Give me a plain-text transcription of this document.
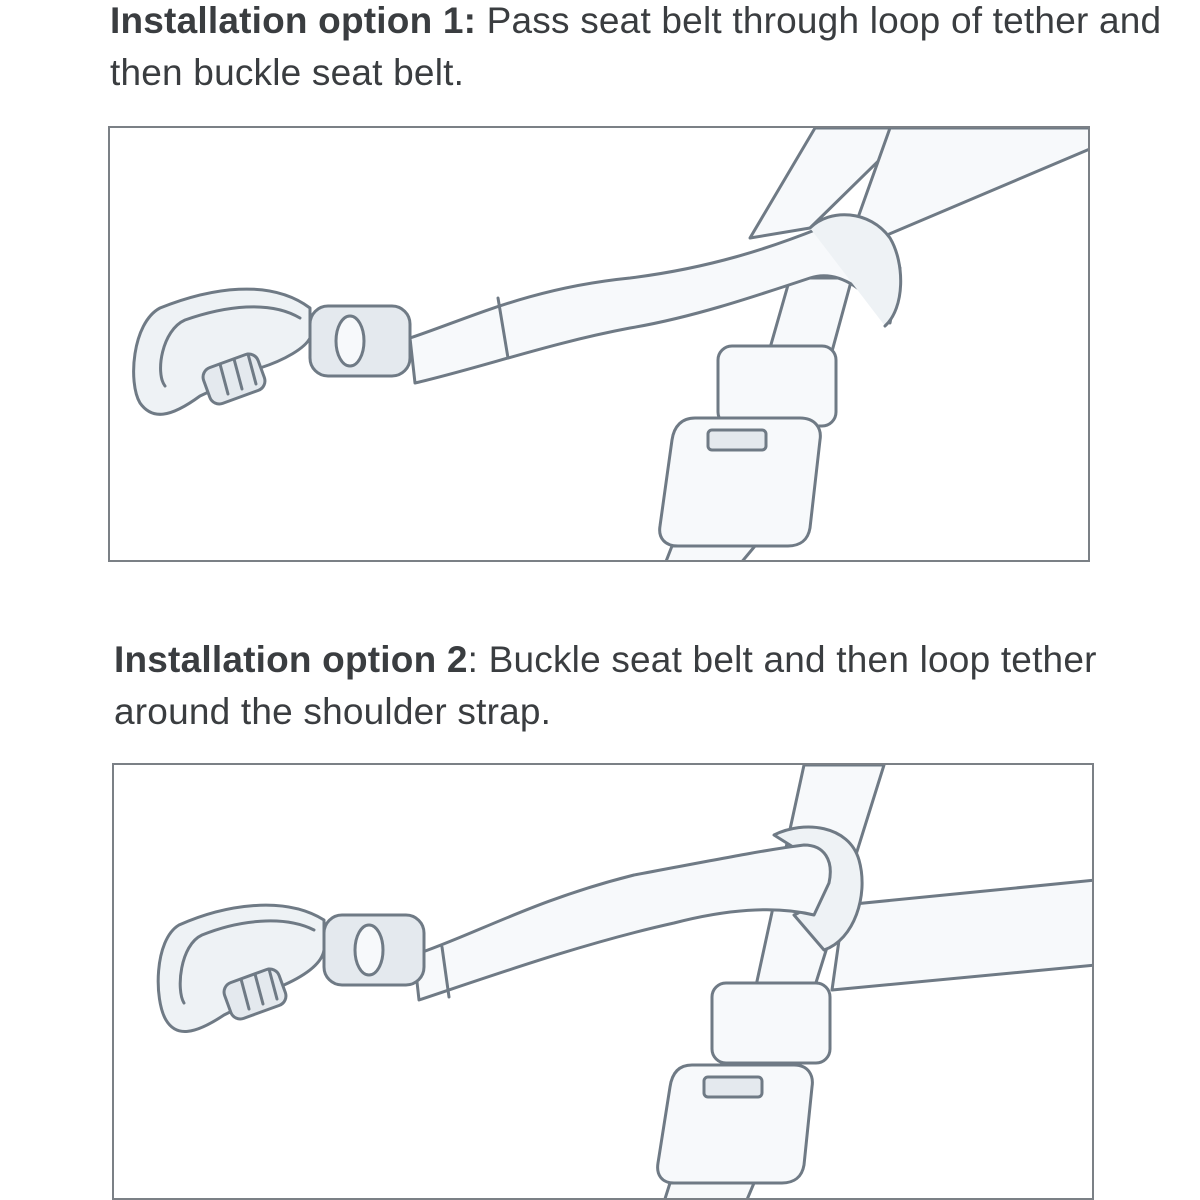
Installation option 1: Pass seat belt through loop of tether and then buckle seat belt.

Installation option 2: Buckle seat belt and then loop tether around the shoulder strap.
